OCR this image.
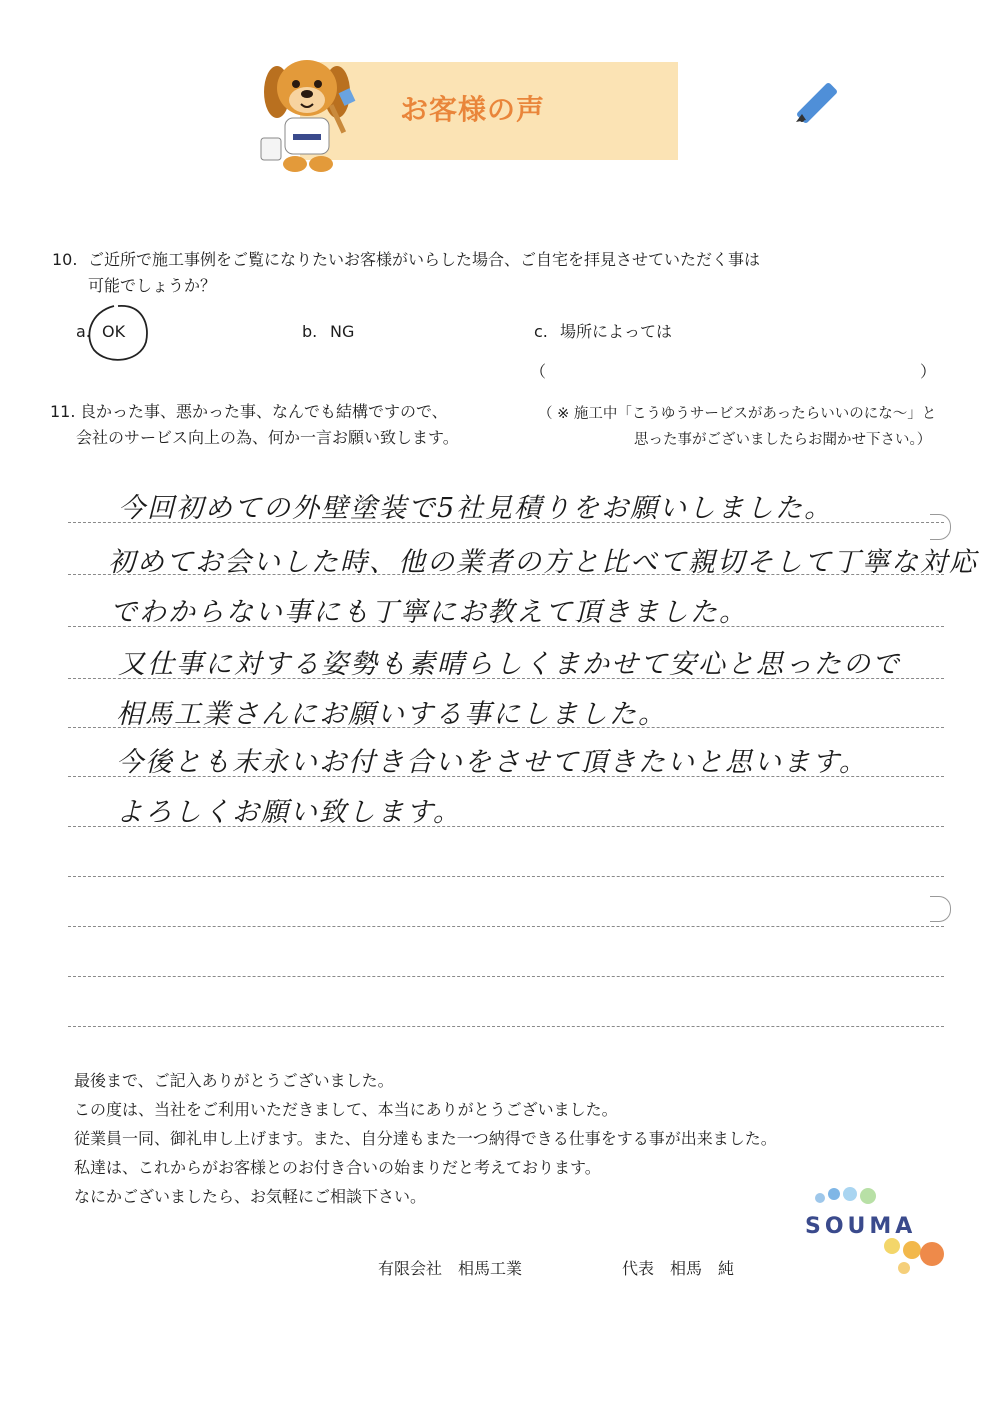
お客様の声
10. ご近所で施工事例をご覧になりたいお客様がいらした場合、ご自宅を拝見させていただく事は
可能でしょうか？
a. OK	b. NG	c. 場所によっては
（	）
11. 良かった事、悪かった事、なんでも結構ですので、
会社のサービス向上の為、何か一言お願い致します。
（ ※ 施工中「こうゆうサービスがあったらいいのにな～」と
思った事がございましたらお聞かせ下さい。）
今回初めての外壁塗装で5社見積りをお願いしました。
初めてお会いした時、他の業者の方と比べて親切そして丁寧な対応
でわからない事にも丁寧にお教えて頂きました。
又仕事に対する姿勢も素晴らしくまかせて安心と思ったので
相馬工業さんにお願いする事にしました。
今後とも末永いお付き合いをさせて頂きたいと思います。
よろしくお願い致します。
最後まで、ご記入ありがとうございました。
この度は、当社をご利用いただきまして、本当にありがとうございました。
従業員一同、御礼申し上げます。また、自分達もまた一つ納得できる仕事をする事が出来ました。
私達は、これからがお客様とのお付き合いの始まりだと考えております。
なにかございましたら、お気軽にご相談下さい。
SOUMA
有限会社　相馬工業	代表　相馬　純
